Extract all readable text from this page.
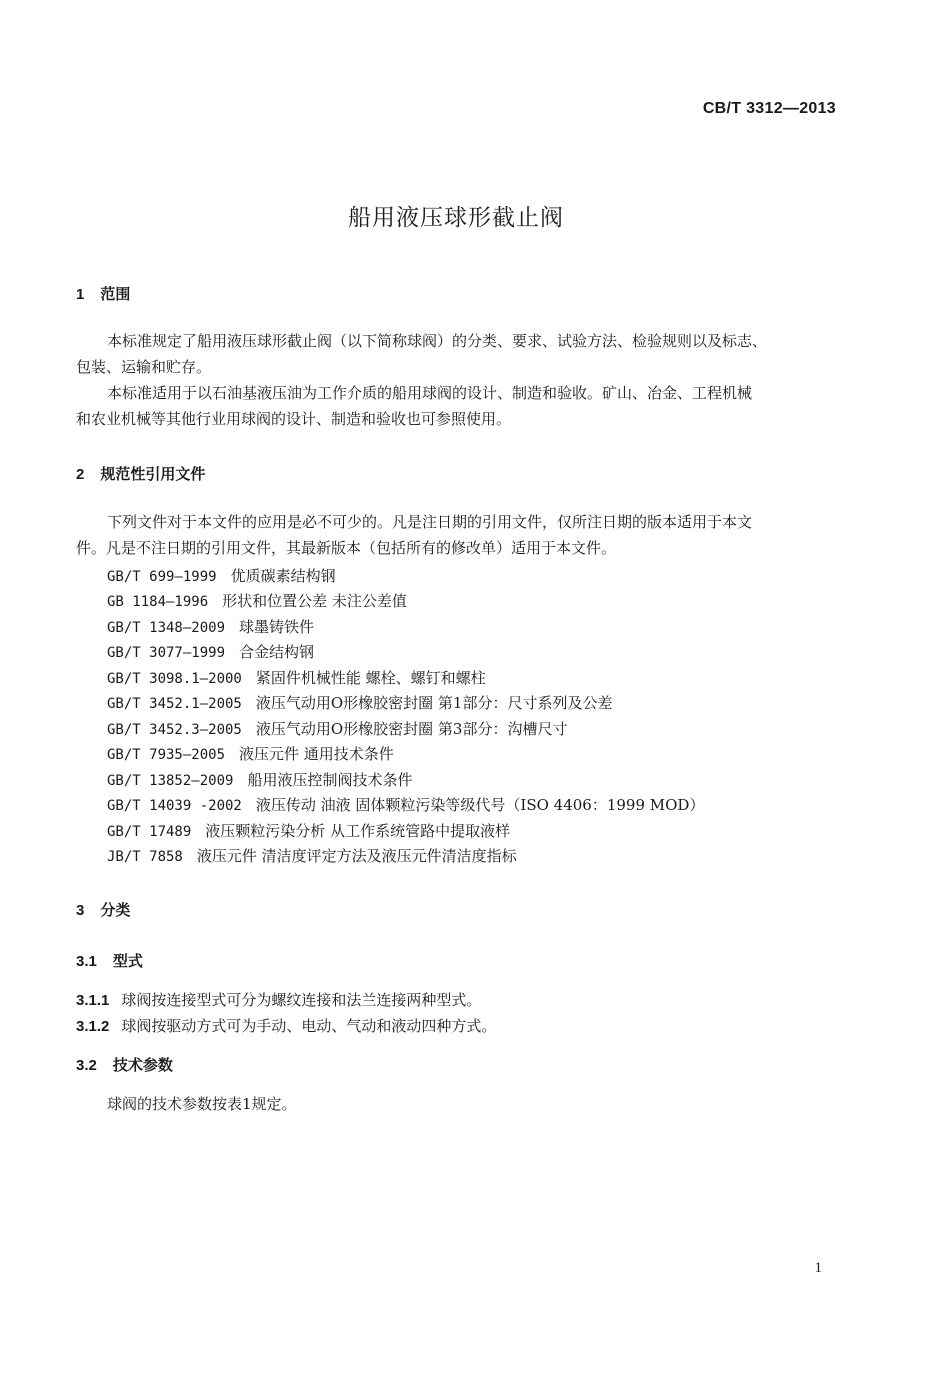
CB/T 3312—2013
船用液压球形截止阀
1 范围
本标准规定了船用液压球形截止阀（以下简称球阀）的分类、要求、试验方法、检验规则以及标志、
包装、运输和贮存。
本标准适用于以石油基液压油为工作介质的船用球阀的设计、制造和验收。矿山、冶金、工程机械
和农业机械等其他行业用球阀的设计、制造和验收也可参照使用。
2 规范性引用文件
下列文件对于本文件的应用是必不可少的。凡是注日期的引用文件，仅所注日期的版本适用于本文
件。凡是不注日期的引用文件，其最新版本（包括所有的修改单）适用于本文件。
GB/T 699—1999 优质碳素结构钢
GB 1184—1996 形状和位置公差 未注公差值
GB/T 1348—2009 球墨铸铁件
GB/T 3077—1999 合金结构钢
GB/T 3098.1—2000 紧固件机械性能 螺栓、螺钉和螺柱
GB/T 3452.1—2005 液压气动用O形橡胶密封圈 第1部分：尺寸系列及公差
GB/T 3452.3—2005 液压气动用O形橡胶密封圈 第3部分：沟槽尺寸
GB/T 7935—2005 液压元件 通用技术条件
GB/T 13852—2009 船用液压控制阀技术条件
GB/T 14039 -2002 液压传动 油液 固体颗粒污染等级代号（ISO 4406：1999 MOD）
GB/T 17489 液压颗粒污染分析 从工作系统管路中提取液样
JB/T 7858 液压元件 清洁度评定方法及液压元件清洁度指标
3 分类
3.1 型式
3.1.1 球阀按连接型式可分为螺纹连接和法兰连接两种型式。
3.1.2 球阀按驱动方式可为手动、电动、气动和液动四种方式。
3.2 技术参数
球阀的技术参数按表1规定。
1
